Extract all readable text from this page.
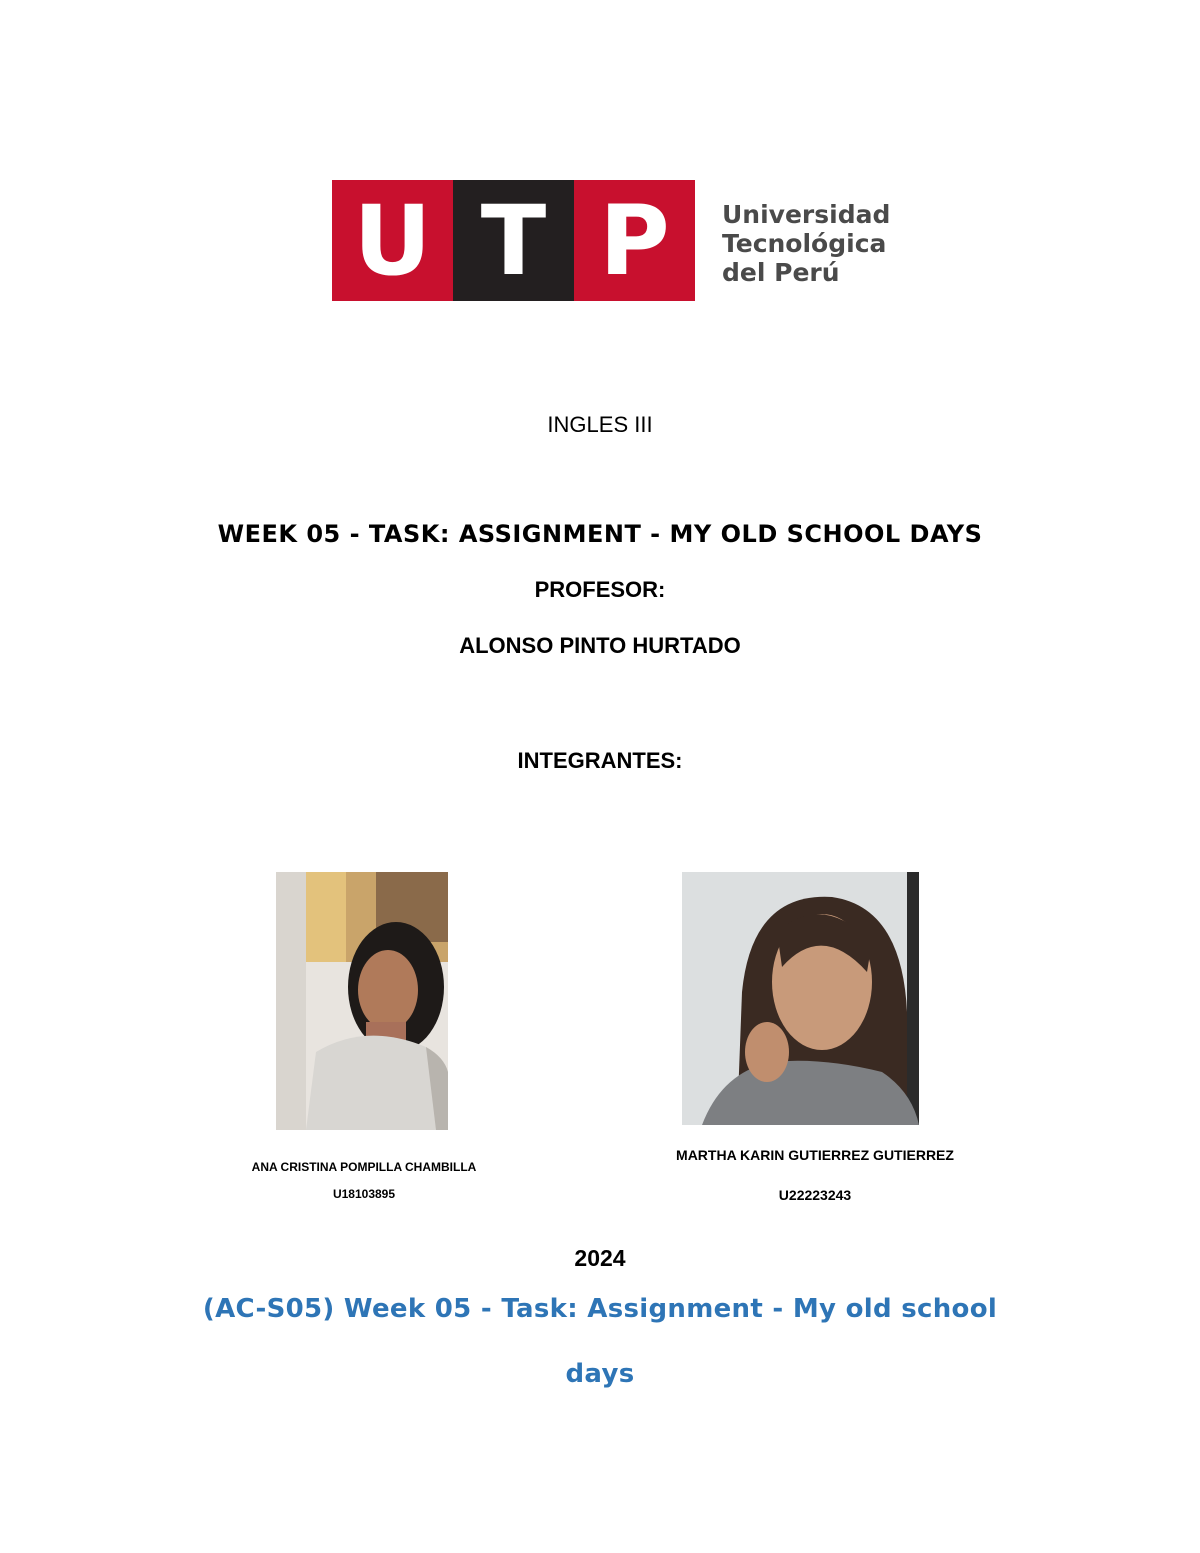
U T P	Universidad
Tecnológica
del Perú
INGLES III
WEEK 05 - TASK: ASSIGNMENT - MY OLD SCHOOL DAYS
PROFESOR:
ALONSO PINTO HURTADO
INTEGRANTES:
ANA CRISTINA POMPILLA CHAMBILLA
U18103895
MARTHA KARIN GUTIERREZ GUTIERREZ
U22223243
2024
(AC-S05) Week 05 - Task: Assignment - My old school
days
